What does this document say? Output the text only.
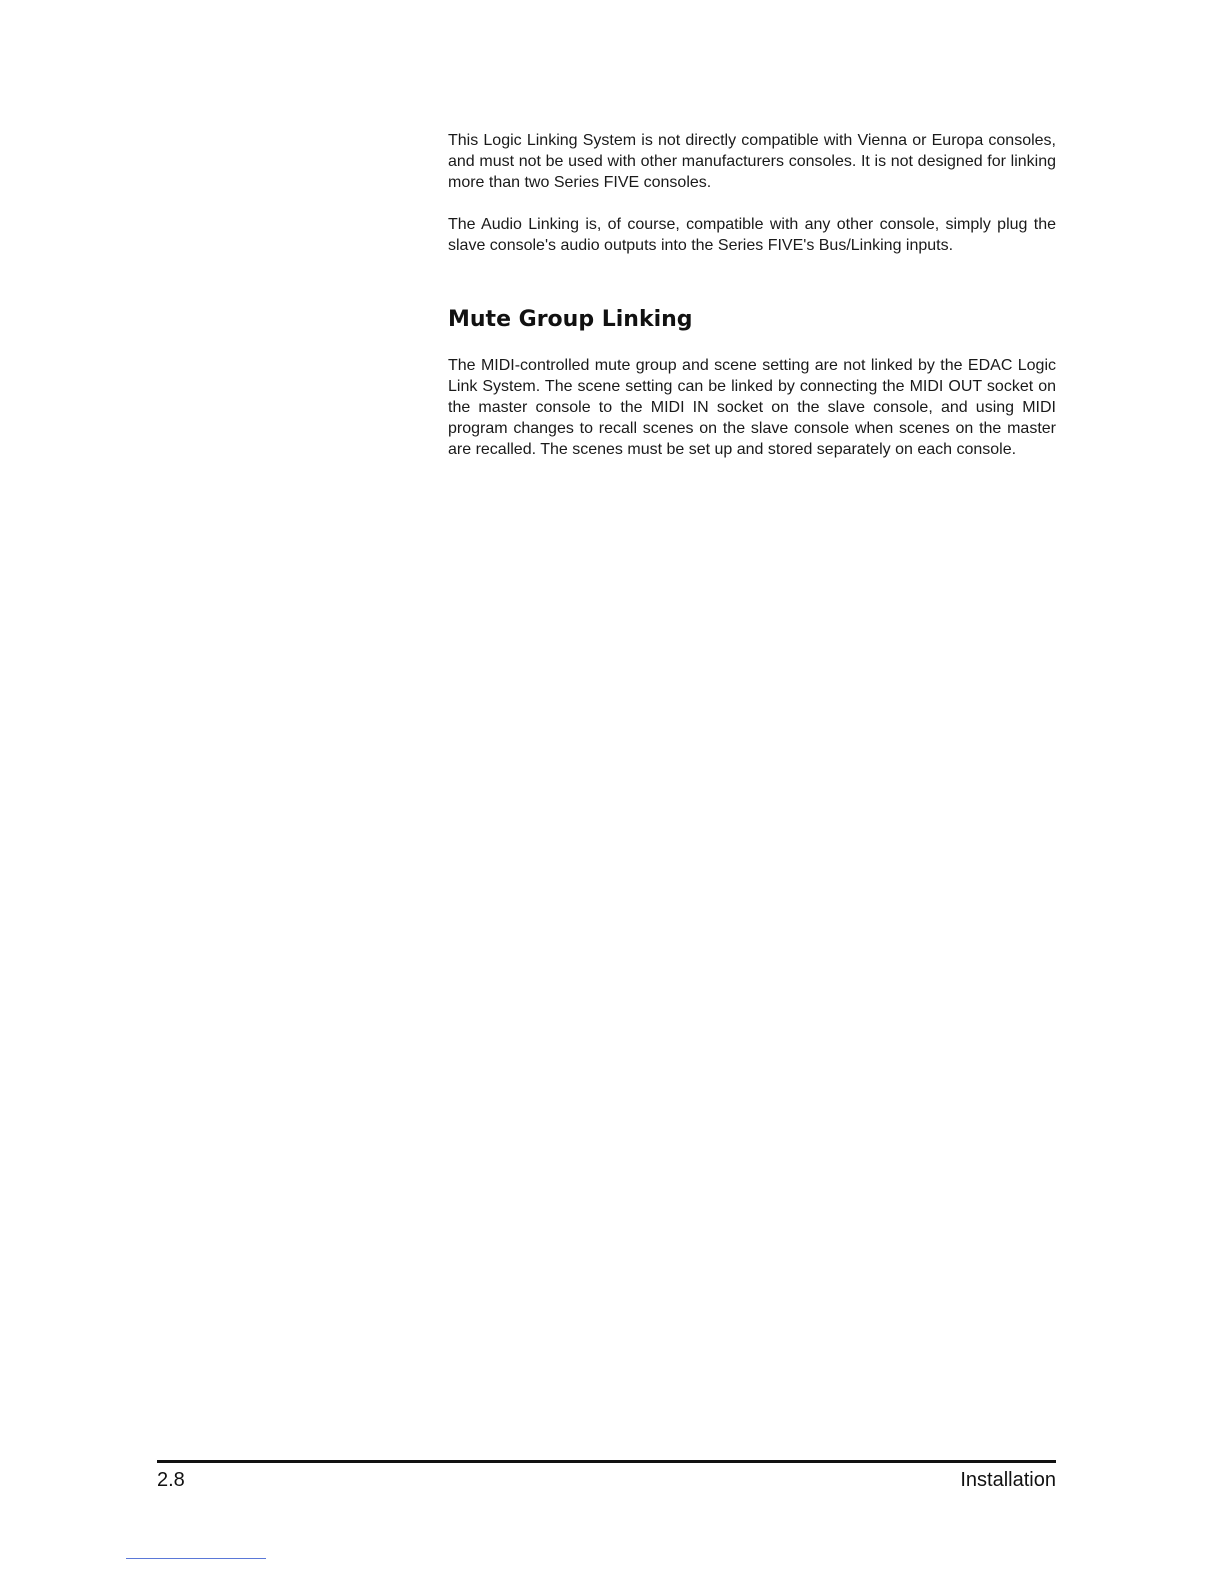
This Logic Linking System is not directly compatible with Vienna or Europa consoles, and must not be used with other manufacturers consoles. It is not designed for linking more than two Series FIVE consoles.

The Audio Linking is, of course, compatible with any other console, simply plug the slave console's audio outputs into the Series FIVE's Bus/Linking inputs.

Mute Group Linking

The MIDI-controlled mute group and scene setting are not linked by the EDAC Logic Link System. The scene setting can be linked by connecting the MIDI OUT socket on the master console to the MIDI IN socket on the slave console, and using MIDI program changes to recall scenes on the slave console when scenes on the master are recalled. The scenes must be set up and stored separately on each console.

2.8	Installation
